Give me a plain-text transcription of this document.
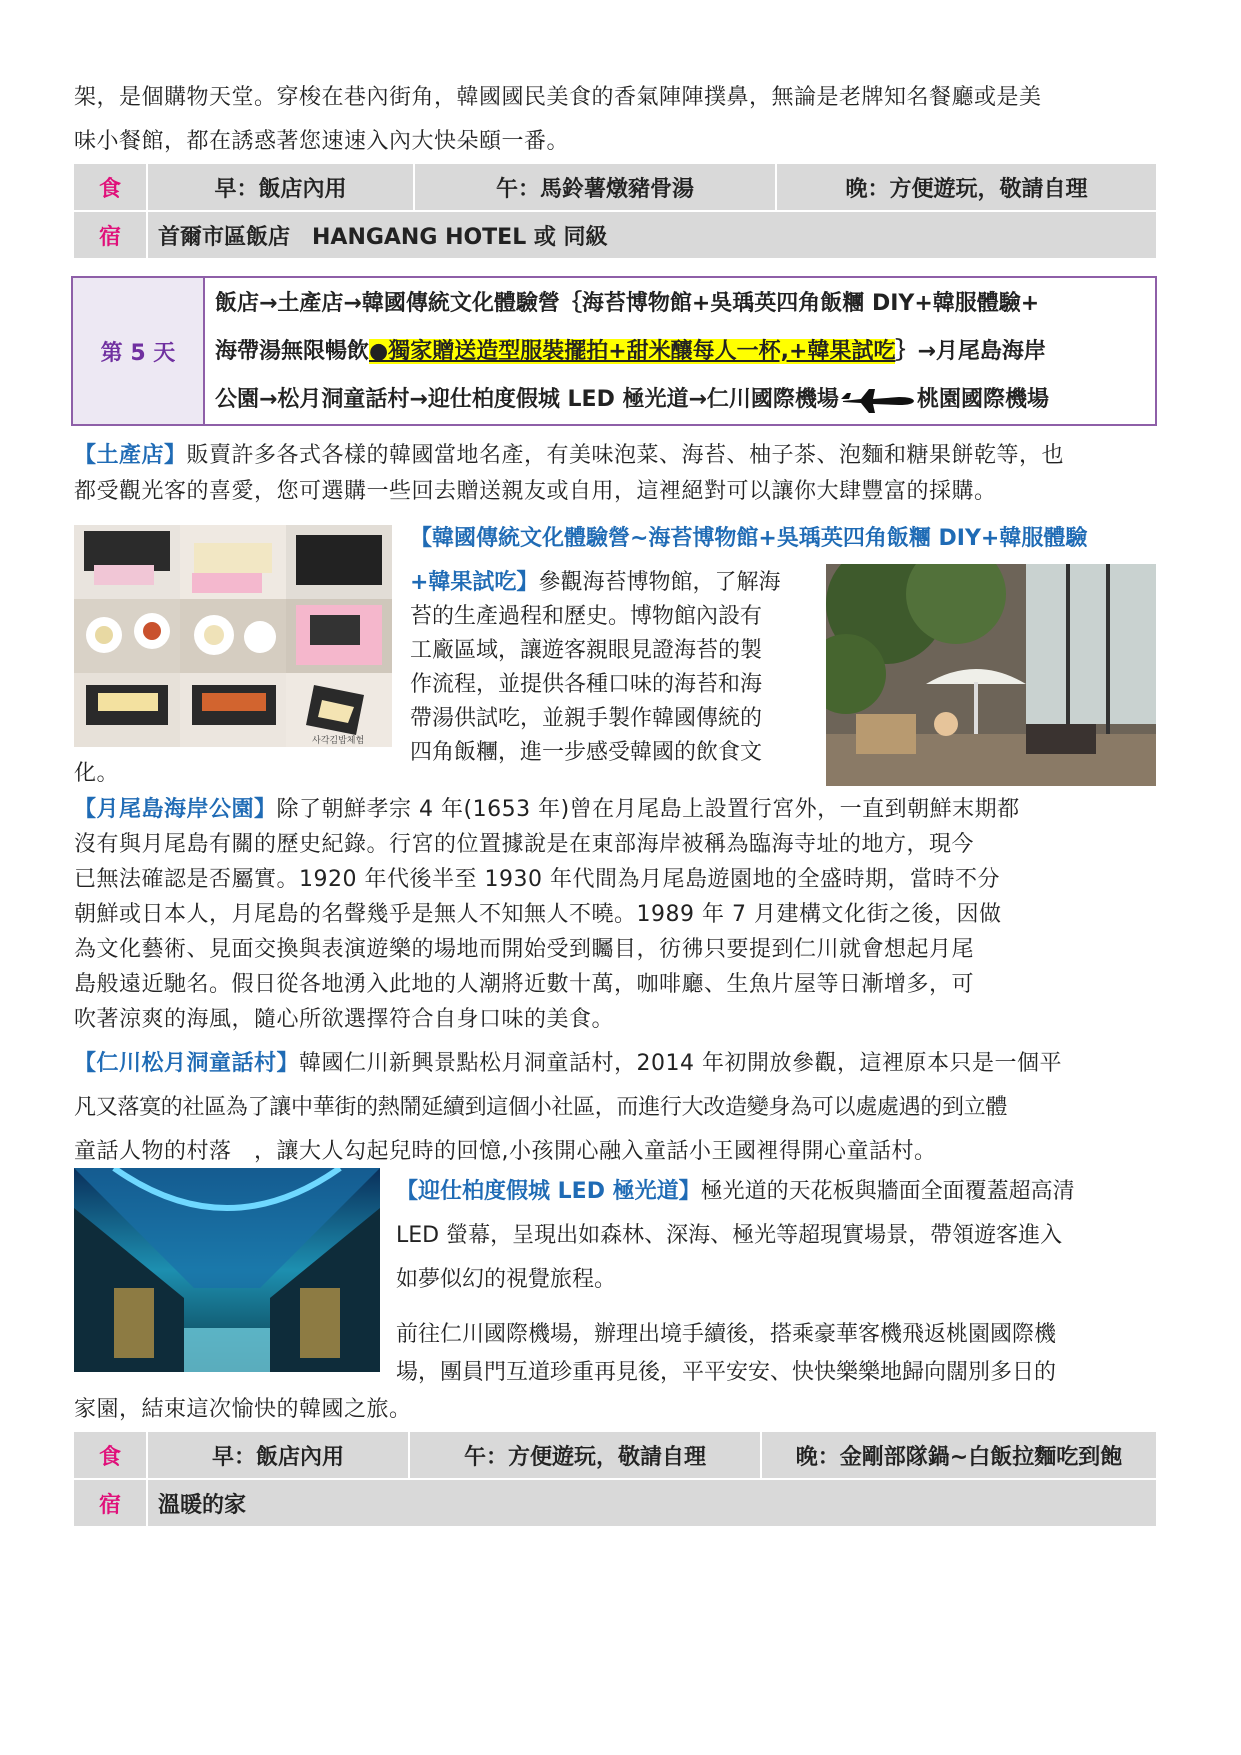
架，是個購物天堂。穿梭在巷內街角，韓國國民美食的香氣陣陣撲鼻，無論是老牌知名餐廳或是美
味小餐館，都在誘惑著您速速入內大快朵頤一番。
食	早：飯店內用	午：馬鈴薯燉豬骨湯	晚：方便遊玩，敬請自理
宿	首爾市區飯店　HANGANG HOTEL 或 同級		
第 5 天
飯店→土產店→韓國傳統文化體驗營｛海苔博物館+吳瑀英四角飯糰 DIY+韓服體驗+
海帶湯無限暢飲●獨家贈送造型服裝擺拍+甜米釀每人一杯,+韓果試吃｝→月尾島海岸
公園→松月洞童話村→迎仕柏度假城 LED 極光道→仁川國際機場	桃園國際機場
【土產店】販賣許多各式各樣的韓國當地名產，有美味泡菜、海苔、柚子茶、泡麵和糖果餅乾等，也
都受觀光客的喜愛，您可選購一些回去贈送親友或自用，這裡絕對可以讓你大肆豐富的採購。
사각김밥체험
【韓國傳統文化體驗營~海苔博物館+吳瑀英四角飯糰 DIY+韓服體驗
+韓果試吃】參觀海苔博物館，了解海
苔的生產過程和歷史。博物館內設有
工廠區域，讓遊客親眼見證海苔的製
作流程，並提供各種口味的海苔和海
帶湯供試吃，並親手製作韓國傳統的
四角飯糰，進一步感受韓國的飲食文
化。
【月尾島海岸公園】除了朝鮮孝宗 4 年(1653 年)曾在月尾島上設置行宮外，一直到朝鮮末期都
沒有與月尾島有關的歷史紀錄。行宮的位置據說是在東部海岸被稱為臨海寺址的地方，現今
已無法確認是否屬實。1920 年代後半至 1930 年代間為月尾島遊園地的全盛時期，當時不分
朝鮮或日本人，月尾島的名聲幾乎是無人不知無人不曉。1989 年 7 月建構文化街之後，因做
為文化藝術、見面交換與表演遊樂的場地而開始受到矚目，彷彿只要提到仁川就會想起月尾
島般遠近馳名。假日從各地湧入此地的人潮將近數十萬，咖啡廳、生魚片屋等日漸增多，可
吹著涼爽的海風，隨心所欲選擇符合自身口味的美食。
【仁川松月洞童話村】韓國仁川新興景點松月洞童話村，2014 年初開放參觀，這裡原本只是一個平
凡又落寞的社區為了讓中華街的熱鬧延續到這個小社區，而進行大改造變身為可以處處遇的到立體
童話人物的村落　，讓大人勾起兒時的回憶,小孩開心融入童話小王國裡得開心童話村。
【迎仕柏度假城 LED 極光道】極光道的天花板與牆面全面覆蓋超高清
LED 螢幕，呈現出如森林、深海、極光等超現實場景，帶領遊客進入
如夢似幻的視覺旅程。
前往仁川國際機場，辦理出境手續後，搭乘豪華客機飛返桃園國際機
場，團員門互道珍重再見後，平平安安、快快樂樂地歸向闊別多日的
家園，結束這次愉快的韓國之旅。
食	早：飯店內用	午：方便遊玩，敬請自理	晚：金剛部隊鍋~白飯拉麵吃到飽
宿	溫暖的家		
